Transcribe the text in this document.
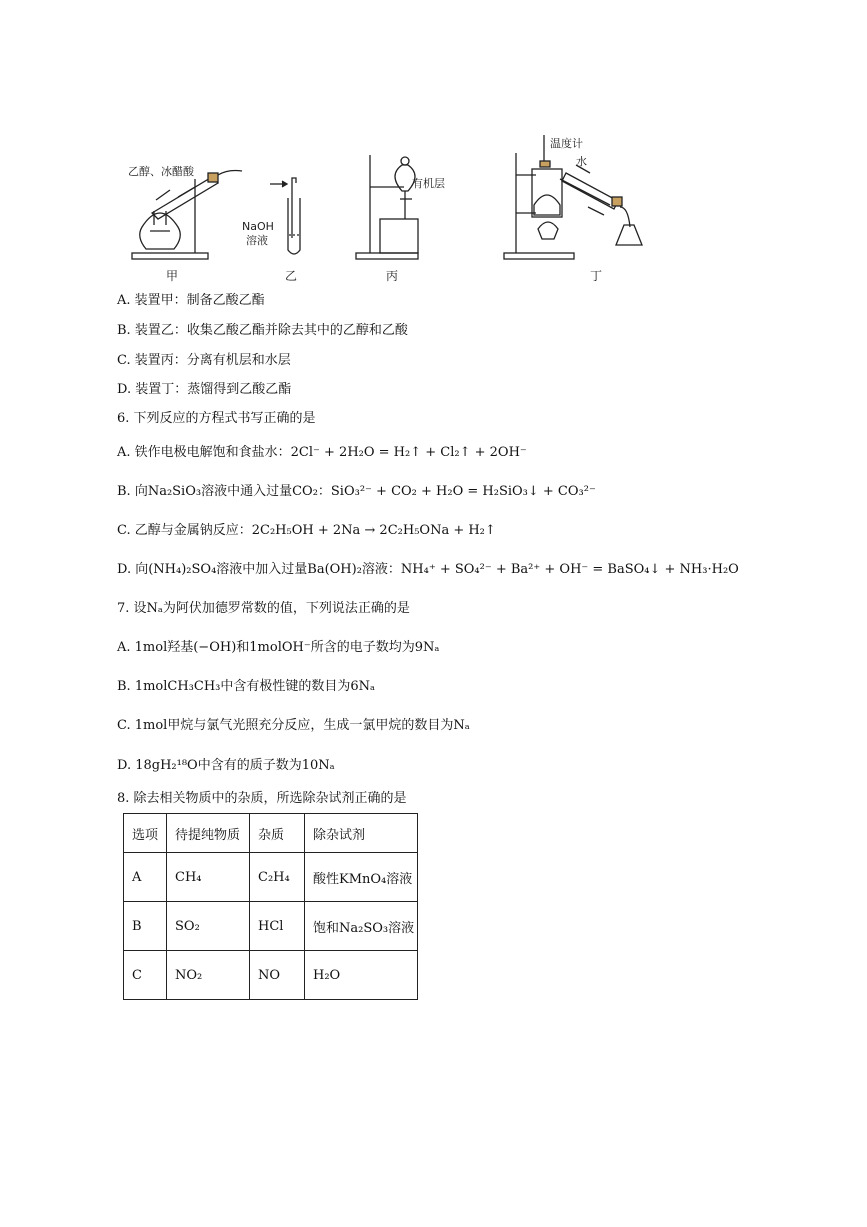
乙醇、冰醋酸
NaOH
溶液
有机层
温度计
水
甲	乙	丙	丁
A. 装置甲：制备乙酸乙酯
B. 装置乙：收集乙酸乙酯并除去其中的乙醇和乙酸
C. 装置丙：分离有机层和水层
D. 装置丁：蒸馏得到乙酸乙酯
6. 下列反应的方程式书写正确的是
A. 铁作电极电解饱和食盐水：2Cl⁻ + 2H₂O = H₂↑ + Cl₂↑ + 2OH⁻
B. 向Na₂SiO₃溶液中通入过量CO₂：SiO₃²⁻ + CO₂ + H₂O = H₂SiO₃↓ + CO₃²⁻
C. 乙醇与金属钠反应：2C₂H₅OH + 2Na → 2C₂H₅ONa + H₂↑
D. 向(NH₄)₂SO₄溶液中加入过量Ba(OH)₂溶液：NH₄⁺ + SO₄²⁻ + Ba²⁺ + OH⁻ = BaSO₄↓ + NH₃·H₂O
7. 设Nₐ为阿伏加德罗常数的值，下列说法正确的是
A. 1mol羟基(−OH)和1molOH⁻所含的电子数均为9Nₐ
B. 1molCH₃CH₃中含有极性键的数目为6Nₐ
C. 1mol甲烷与氯气光照充分反应，生成一氯甲烷的数目为Nₐ
D. 18gH₂¹⁸O中含有的质子数为10Nₐ
8. 除去相关物质中的杂质，所选除杂试剂正确的是
选项	待提纯物质	杂质	除杂试剂
A	CH₄	C₂H₄	酸性KMnO₄溶液
B	SO₂	HCl	饱和Na₂SO₃溶液
C	NO₂	NO	H₂O
